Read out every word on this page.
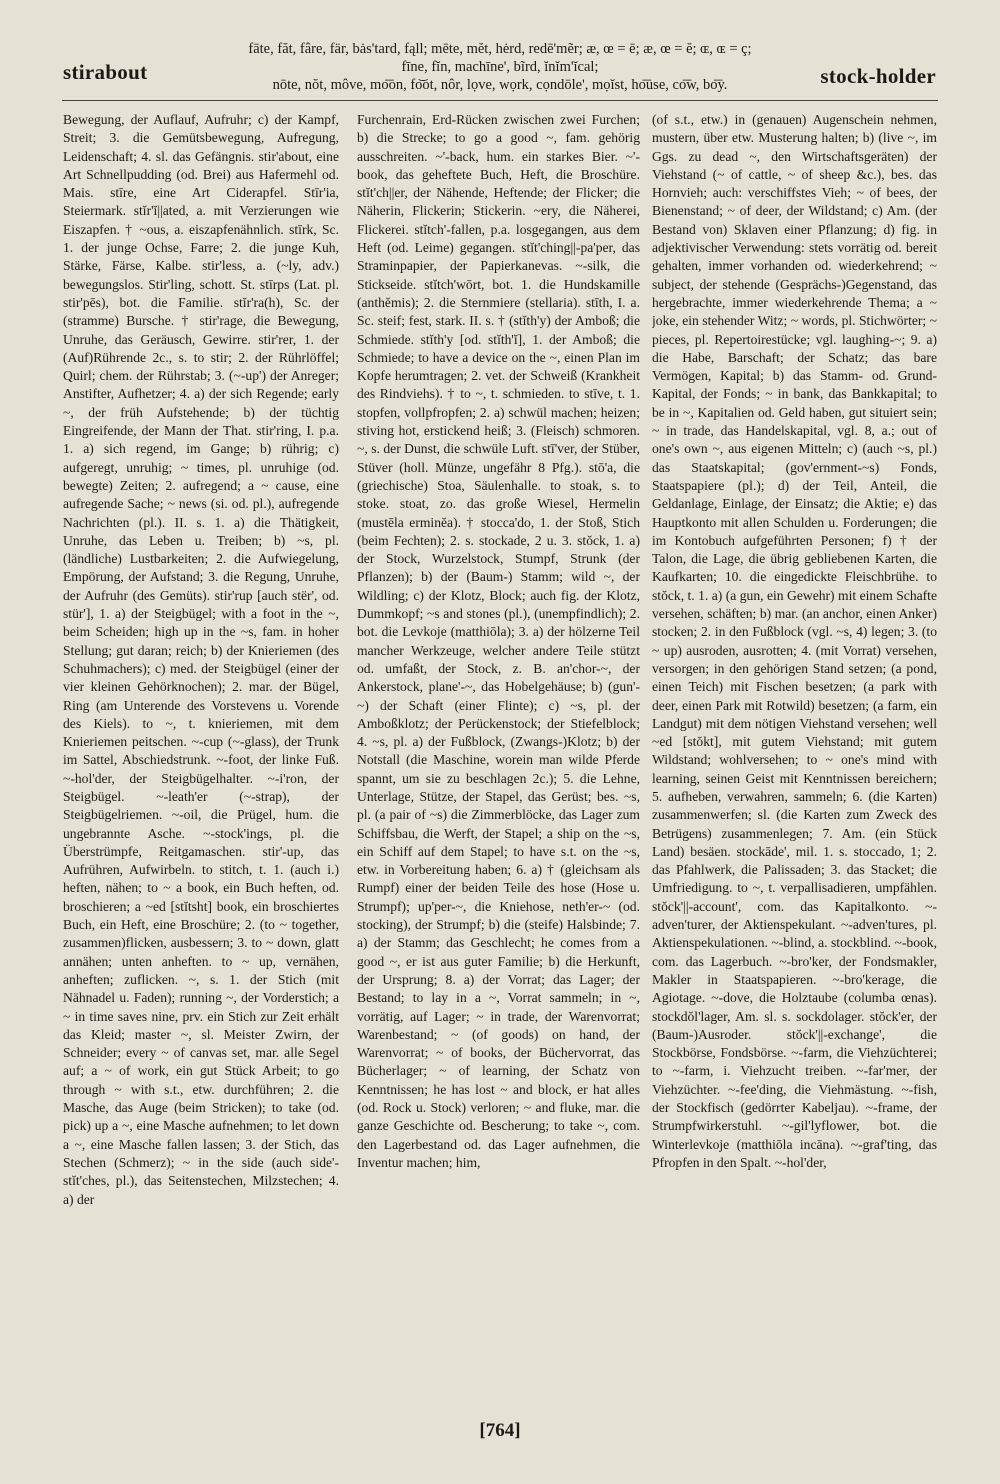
stirabout
fāte, făt, fâre, fär, bȧs'tard, fąll; mēte, mĕt, hėrd, redē'mẽr; æ, œ = ē; æ, œ = ĕ; ɶ, ɶ = ç;
fīne, fĭn, machīne', bĩrd, ĭnĭm'ĭcal;
nōte, nŏt, môve, mo͞on, fo͝ot, nôr, lọve, wọrk, cọndōle', mọĭst, ho͞use, co͞w, bo͞y.	stock-holder

Bewegung, der Auflauf, Aufruhr; c) der Kampf, Streit; 3. die Gemütsbewegung, Aufregung, Leidenschaft; 4. sl. das Gefängnis. stir'about, eine Art Schnellpudding (od. Brei) aus Hafermehl od. Mais. stīre, eine Art Ciderapfel. Stīr'ia, Steiermark. stĭr'ĭ||ated, a. mit Verzierungen wie Eiszapfen. † ~ous, a. eiszapfenähnlich. stīrk, Sc. 1. der junge Ochse, Farre; 2. die junge Kuh, Stärke, Färse, Kalbe. stir'less, a. (~ly, adv.) bewegungslos. Stir'ling, schott. St. stīrps (Lat. pl. stir'pēs), bot. die Familie. stĭr'ra(h), Sc. der (stramme) Bursche. † stir'rage, die Bewegung, Unruhe, das Geräusch, Gewirre. stir'rer, 1. der (Auf)Rührende 2c., s. to stir; 2. der Rührlöffel; Quirl; chem. der Rührstab; 3. (~-up') der Anreger; Anstifter, Aufhetzer; 4. a) der sich Regende; early ~, der früh Aufstehende; b) der tüchtig Eingreifende, der Mann der That. stir'ring, I. p.a. 1. a) sich regend, im Gange; b) rührig; c) aufgeregt, unruhig; ~ times, pl. unruhige (od. bewegte) Zeiten; 2. aufregend; a ~ cause, eine aufregende Sache; ~ news (si. od. pl.), aufregende Nachrichten (pl.). II. s. 1. a) die Thätigkeit, Unruhe, das Leben u. Treiben; b) ~s, pl. (ländliche) Lustbarkeiten; 2. die Aufwiegelung, Empörung, der Aufstand; 3. die Regung, Unruhe, der Aufruhr (des Gemüts). stir'rup [auch stër', od. stür'], 1. a) der Steigbügel; with a foot in the ~, beim Scheiden; high up in the ~s, fam. in hoher Stellung; gut daran; reich; b) der Knieriemen (des Schuhmachers); c) med. der Steigbügel (einer der vier kleinen Gehörknochen); 2. mar. der Bügel, Ring (am Unterende des Vorstevens u. Vorende des Kiels). to ~, t. knieriemen, mit dem Knieriemen peitschen. ~-cup (~-glass), der Trunk im Sattel, Abschiedstrunk. ~-foot, der linke Fuß. ~-hol'der, der Steigbügelhalter. ~-i'ron, der Steigbügel. ~-leath'er (~-strap), der Steigbügelriemen. ~-oil, die Prügel, hum. die ungebrannte Asche. ~-stock'ings, pl. die Überstrümpfe, Reitgamaschen. stir'-up, das Aufrühren, Aufwirbeln. to stitch, t. 1. (auch i.) heften, nähen; to ~ a book, ein Buch heften, od. broschieren; a ~ed [stĭtsht] book, ein broschiertes Buch, ein Heft, eine Broschüre; 2. (to ~ together, zusammen)flicken, ausbessern; 3. to ~ down, glatt annähen; unten anheften. to ~ up, vernähen, anheften; zuflicken. ~, s. 1. der Stich (mit Nähnadel u. Faden); running ~, der Vorderstich; a ~ in time saves nine, prv. ein Stich zur Zeit erhält das Kleid; master ~, sl. Meister Zwirn, der Schneider; every ~ of canvas set, mar. alle Segel auf; a ~ of work, ein gut Stück Arbeit; to go through ~ with s.t., etw. durchführen; 2. die Masche, das Auge (beim Stricken); to take (od. pick) up a ~, eine Masche aufnehmen; to let down a ~, eine Masche fallen lassen; 3. der Stich, das Stechen (Schmerz); ~ in the side (auch side'-stĭt'ches, pl.), das Seitenstechen, Milzstechen; 4. a) der

Furchenrain, Erd-Rücken zwischen zwei Furchen; b) die Strecke; to go a good ~, fam. gehörig ausschreiten. ~'-back, hum. ein starkes Bier. ~'-book, das geheftete Buch, Heft, die Broschüre. stĭt'ch||er, der Nähende, Heftende; der Flicker; die Näherin, Flickerin; Stickerin. ~ery, die Näherei, Flickerei. stĭtch'-fallen, p.a. losgegangen, aus dem Heft (od. Leime) gegangen. stĭt'ching||-pa'per, das Straminpapier, der Papierkanevas. ~-silk, die Stickseide. stĭtch'wōrt, bot. 1. die Hundskamille (anthĕmis); 2. die Sternmiere (stellaria). stīth, I. a. Sc. steif; fest, stark. II. s. † (stĭth'y) der Amboß; die Schmiede. stĭth'y [od. stĭth'ĭ], 1. der Amboß; die Schmiede; to have a device on the ~, einen Plan im Kopfe herumtragen; 2. vet. der Schweiß (Krankheit des Rindviehs). † to ~, t. schmieden. to stīve, t. 1. stopfen, vollpfropfen; 2. a) schwül machen; heizen; stiving hot, erstickend heiß; 3. (Fleisch) schmoren. ~, s. der Dunst, die schwüle Luft. stī'ver, der Stüber, Stüver (holl. Münze, ungefähr 8 Pfg.). stō'a, die (griechische) Stoa, Säulenhalle. to stoak, s. to stoke. stoat, zo. das große Wiesel, Hermelin (mustēla erminĕa). † stocca'do, 1. der Stoß, Stich (beim Fechten); 2. s. stockade, 2 u. 3. stŏck, 1. a) der Stock, Wurzelstock, Stumpf, Strunk (der Pflanzen); b) der (Baum-) Stamm; wild ~, der Wildling; c) der Klotz, Block; auch fig. der Klotz, Dummkopf; ~s and stones (pl.), (unempfindlich); 2. bot. die Levkoje (matthiōla); 3. a) der hölzerne Teil mancher Werkzeuge, welcher andere Teile stützt od. umfaßt, der Stock, z. B. an'chor-~, der Ankerstock, plane'-~, das Hobelgehäuse; b) (gun'-~) der Schaft (einer Flinte); c) ~s, pl. der Amboßklotz; der Perückenstock; der Stiefelblock; 4. ~s, pl. a) der Fußblock, (Zwangs-)Klotz; b) der Notstall (die Maschine, worein man wilde Pferde spannt, um sie zu beschlagen 2c.); 5. die Lehne, Unterlage, Stütze, der Stapel, das Gerüst; bes. ~s, pl. (a pair of ~s) die Zimmerblöcke, das Lager zum Schiffsbau, die Werft, der Stapel; a ship on the ~s, ein Schiff auf dem Stapel; to have s.t. on the ~s, etw. in Vorbereitung haben; 6. a) † (gleichsam als Rumpf) einer der beiden Teile des hose (Hose u. Strumpf); up'per-~, die Kniehose, neth'er-~ (od. stocking), der Strumpf; b) die (steife) Halsbinde; 7. a) der Stamm; das Geschlecht; he comes from a good ~, er ist aus guter Familie; b) die Herkunft, der Ursprung; 8. a) der Vorrat; das Lager; der Bestand; to lay in a ~, Vorrat sammeln; in ~, vorrätig, auf Lager; ~ in trade, der Warenvorrat; Warenbestand; ~ (of goods) on hand, der Warenvorrat; ~ of books, der Büchervorrat, das Bücherlager; ~ of learning, der Schatz von Kenntnissen; he has lost ~ and block, er hat alles (od. Rock u. Stock) verloren; ~ and fluke, mar. die ganze Geschichte od. Bescherung; to take ~, com. den Lagerbestand od. das Lager aufnehmen, die Inventur machen; him,

(of s.t., etw.) in (genauen) Augenschein nehmen, mustern, über etw. Musterung halten; b) (live ~, im Ggs. zu dead ~, den Wirtschaftsgeräten) der Viehstand (~ of cattle, ~ of sheep &c.), bes. das Hornvieh; auch: verschiffstes Vieh; ~ of bees, der Bienenstand; ~ of deer, der Wildstand; c) Am. (der Bestand von) Sklaven einer Pflanzung; d) fig. in adjektivischer Verwendung: stets vorrätig od. bereit gehalten, immer vorhanden od. wiederkehrend; ~ subject, der stehende (Gesprächs-)Gegenstand, das hergebrachte, immer wiederkehrende Thema; a ~ joke, ein stehender Witz; ~ words, pl. Stichwörter; ~ pieces, pl. Repertoirestücke; vgl. laughing-~; 9. a) die Habe, Barschaft; der Schatz; das bare Vermögen, Kapital; b) das Stamm- od. Grund-Kapital, der Fonds; ~ in bank, das Bankkapital; to be in ~, Kapitalien od. Geld haben, gut situiert sein; ~ in trade, das Handelskapital, vgl. 8, a.; out of one's own ~, aus eigenen Mitteln; c) (auch ~s, pl.) das Staatskapital; (gov'ernment-~s) Fonds, Staatspapiere (pl.); d) der Teil, Anteil, die Geldanlage, Einlage, der Einsatz; die Aktie; e) das Hauptkonto mit allen Schulden u. Forderungen; die im Kontobuch aufgeführten Personen; f) † der Talon, die Lage, die übrig gebliebenen Karten, die Kaufkarten; 10. die eingedickte Fleischbrühe. to stŏck, t. 1. a) (a gun, ein Gewehr) mit einem Schafte versehen, schäften; b) mar. (an anchor, einen Anker) stocken; 2. in den Fußblock (vgl. ~s, 4) legen; 3. (to ~ up) ausroden, ausrotten; 4. (mit Vorrat) versehen, versorgen; in den gehörigen Stand setzen; (a pond, einen Teich) mit Fischen besetzen; (a park with deer, einen Park mit Rotwild) besetzen; (a farm, ein Landgut) mit dem nötigen Viehstand versehen; well ~ed [stŏkt], mit gutem Viehstand; mit gutem Wildstand; wohlversehen; to ~ one's mind with learning, seinen Geist mit Kenntnissen bereichern; 5. aufheben, verwahren, sammeln; 6. (die Karten) zusammenwerfen; sl. (die Karten zum Zweck des Betrügens) zusammenlegen; 7. Am. (ein Stück Land) besäen. stockāde', mil. 1. s. stoccado, 1; 2. das Pfahlwerk, die Palissaden; 3. das Stacket; die Umfriedigung. to ~, t. verpallisadieren, umpfählen. stŏck'||-account', com. das Kapitalkonto. ~-adven'turer, der Aktienspekulant. ~-adven'tures, pl. Aktienspekulationen. ~-blind, a. stockblind. ~-book, com. das Lagerbuch. ~-bro'ker, der Fondsmakler, Makler in Staatspapieren. ~-bro'kerage, die Agiotage. ~-dove, die Holztaube (columba œnas). stockdŏl'lager, Am. sl. s. sockdolager. stŏck'er, der (Baum-)Ausroder. stŏck'||-exchange', die Stockbörse, Fondsbörse. ~-farm, die Viehzüchterei; to ~-farm, i. Viehzucht treiben. ~-far'mer, der Viehzüchter. ~-fee'ding, die Viehmästung. ~-fish, der Stockfisch (gedörrter Kabeljau). ~-frame, der Strumpfwirkerstuhl. ~-gil'lyflower, bot. die Winterlevkoje (matthiōla incāna). ~-graf'ting, das Pfropfen in den Spalt. ~-hol'der,

[764]
